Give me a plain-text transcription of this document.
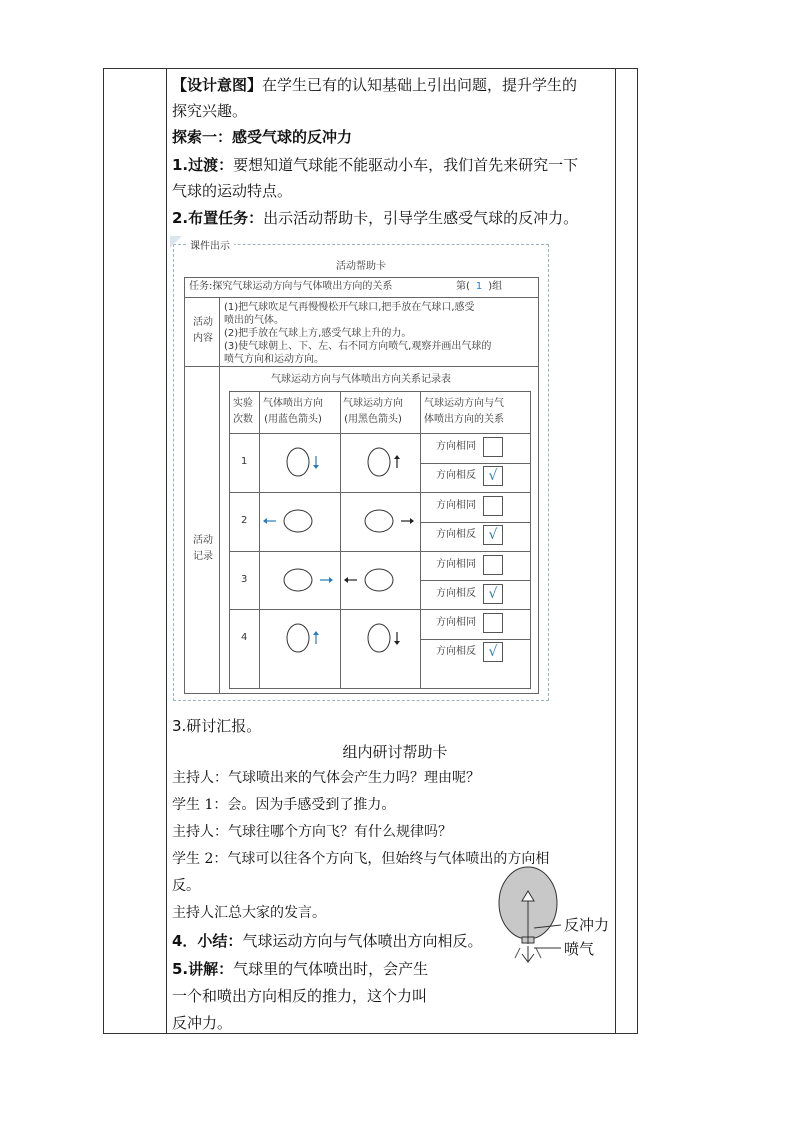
【设计意图】在学生已有的认知基础上引出问题，提升学生的
探究兴趣。
探索一：感受气球的反冲力
1.过渡：要想知道气球能不能驱动小车，我们首先来研究一下
气球的运动特点。
2.布置任务：出示活动帮助卡，引导学生感受气球的反冲力。
课件出示
活动帮助卡
任务:探究气球运动方向与气体喷出方向的关系	第( 1 )组
活动
内容
(1)把气球吹足气再慢慢松开气球口,把手放在气球口,感受
喷出的气体。
(2)把手放在气球上方,感受气球上升的力。
(3)使气球朝上、下、左、右不同方向喷气,观察并画出气球的
喷气方向和运动方向。
活动
记录
气球运动方向与气体喷出方向关系记录表
实验
次数
气体喷出方向
(用蓝色箭头)
气球运动方向
(用黑色箭头)
气球运动方向与气
体喷出方向的关系
1
方向相同
方向相反 √
2
方向相同
方向相反 √
3
方向相同
方向相反 √
4
方向相同
方向相反 √
3.研讨汇报。
组内研讨帮助卡
主持人：气球喷出来的气体会产生力吗？理由呢？
学生 1：会。因为手感受到了推力。
主持人：气球往哪个方向飞？有什么规律吗？
学生 2：气球可以往各个方向飞，但始终与气体喷出的方向相
反。
主持人汇总大家的发言。
4．小结：气球运动方向与气体喷出方向相反。
5.讲解：气球里的气体喷出时，会产生
一个和喷出方向相反的推力，这个力叫
反冲力。
反冲力
喷气
